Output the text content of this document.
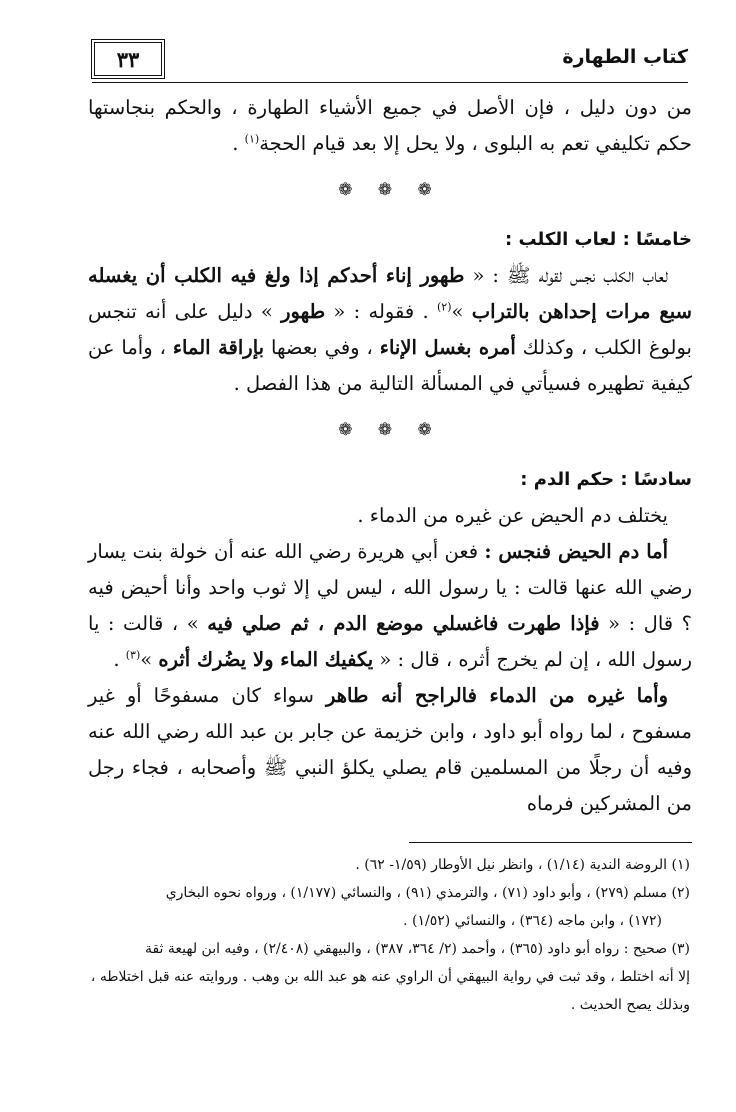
٣٣	كتاب الطهارة

من دون دليل ، فإن الأصل في جميع الأشياء الطهارة ، والحكم بنجاستها حكم تكليفي تعم به البلوى ، ولا يحل إلا بعد قيام الحجة$^{(١)}$ .

❁ ❁ ❁

خامسًا : لعاب الكلب :

لعاب الكلب نجس لقوله ﷺ : « طهور إناء أحدكم إذا ولغ فيه الكلب أن يغسله سبع مرات إحداهن بالتراب »$^{(٢)}$ . فقوله : « طهور » دليل على أنه تنجس بولوغ الكلب ، وكذلك أمره بغسل الإناء ، وفي بعضها بإراقة الماء ، وأما عن كيفية تطهيره فسيأتي في المسألة التالية من هذا الفصل .

❁ ❁ ❁

سادسًا : حكم الدم :

يختلف دم الحيض عن غيره من الدماء .

أما دم الحيض فنجس : فعن أبي هريرة رضي الله عنه أن خولة بنت يسار رضي الله عنها قالت : يا رسول الله ، ليس لي إلا ثوب واحد وأنا أحيض فيه ؟ قال : « فإذا طهرت فاغسلي موضع الدم ، ثم صلي فيه » ، قالت : يا رسول الله ، إن لم يخرج أثره ، قال : « يكفيك الماء ولا يضُرك أثره »$^{(٣)}$ .

وأما غيره من الدماء فالراجح أنه طاهر سواء كان مسفوحًا أو غير مسفوح ، لما رواه أبو داود ، وابن خزيمة عن جابر بن عبد الله رضي الله عنه وفيه أن رجلًا من المسلمين قام يصلي يكلؤ النبي ﷺ وأصحابه ، فجاء رجل من المشركين فرماه

(١) الروضة الندية (١/١٤) ، وانظر نيل الأوطار (١/٥٩- ٦٢) .

(٢) مسلم (٢٧٩) ، وأبو داود (٧١) ، والترمذي (٩١) ، والنسائي (١/١٧٧) ، ورواه نحوه البخاري

(١٧٢) ، وابن ماجه (٣٦٤) ، والنسائي (١/٥٢) .

(٣) صحيح : رواه أبو داود (٣٦٥) ، وأحمد (٢/ ٣٦٤، ٣٨٧) ، والبيهقي (٢/٤٠٨) ، وفيه ابن لهيعة ثقة

إلا أنه اختلط ، وقد ثبت في رواية البيهقي أن الراوي عنه هو عبد الله بن وهب . وروايته عنه قبل اختلاطه ،

وبذلك يصح الحديث .
